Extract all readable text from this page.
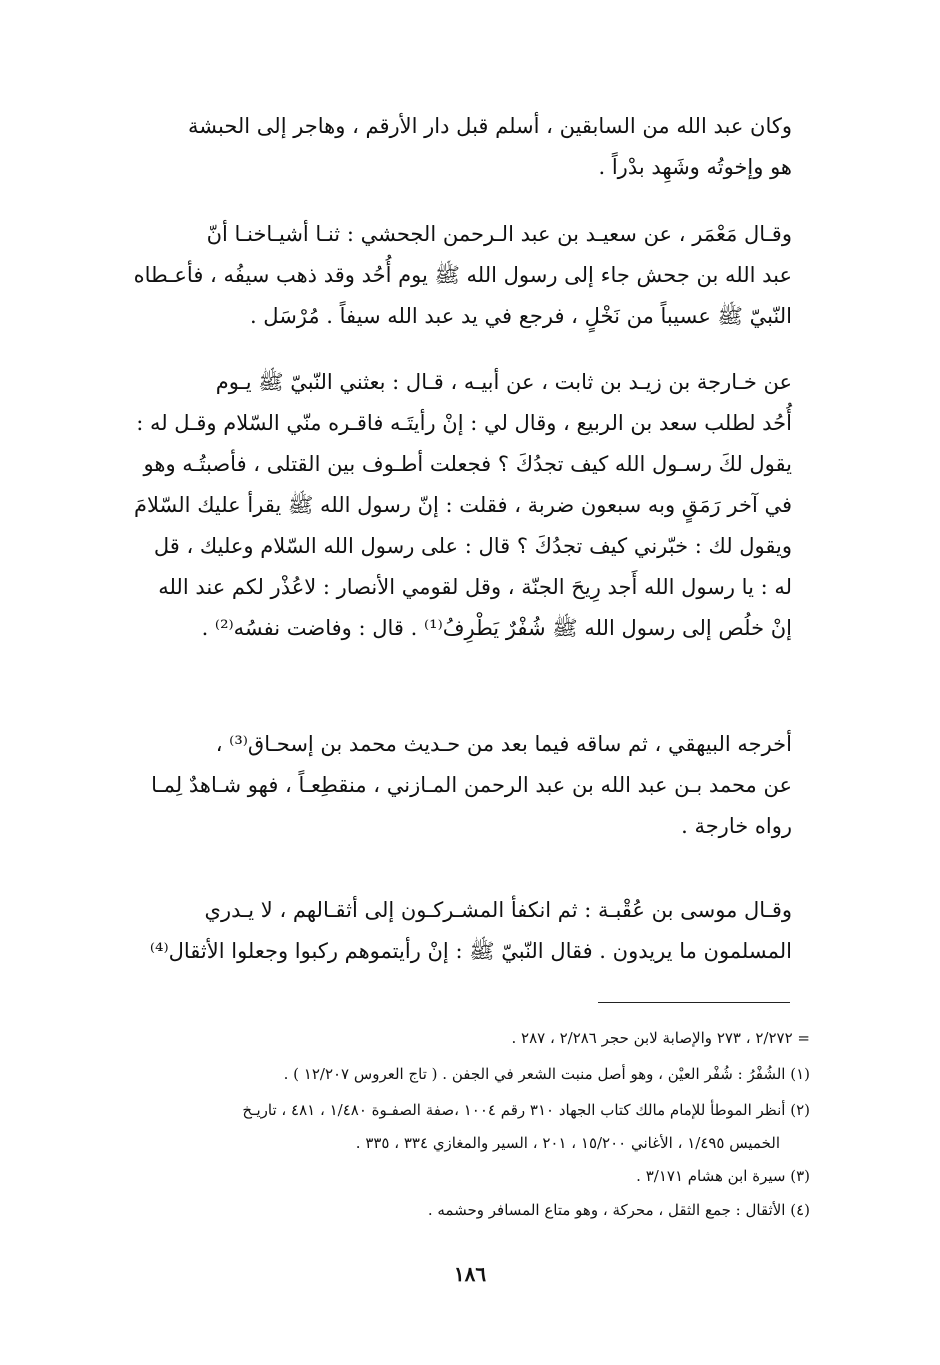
وكان عبد الله من السابقين ، أسلم قبل دار الأرقم ، وهاجر إلى الحبشة
هو وإخوتُه وشَهِد بدْراً .

وقـال مَعْمَر ، عن سعيـد بن عبد الـرحمن الجحشي : ثنـا أشيـاخنـا أنّ
عبد الله بن جحش جاء إلى رسول الله ﷺ يوم أُحُد وقد ذهب سيفُه ، فأعـطاه
النّبيّ ﷺ عسيباً من نَخْلٍ ، فرجع في يد عبد الله سيفاً . مُرْسَل .

عن خـارجة بن زيـد بن ثابت ، عن أبيـه ، قـال : بعثني النّبيّ ﷺ يـوم
أُحُد لطلب سعد بن الربيع ، وقال لي : إنْ رأيتَـه فاقـره منّي السّلام وقـل له :
يقول لكَ رسـول الله كيف تجدُكَ ؟ فجعلت أطـوف بين القتلى ، فأصبتُـه وهو
في آخر رَمَقٍ وبه سبعون ضربة ، فقلت : إنّ رسول الله ﷺ يقرأ عليك السّلامَ
ويقول لك : خبّرني كيف تجدُكَ ؟ قال : على رسول الله السّلام وعليك ، قل
له : يا رسول الله أَجد رِيحَ الجنّة ، وقل لقومي الأنصار : لاعُذْر لكم عند الله
إنْ خلُص إلى رسول الله ﷺ شُفْرٌ يَطْرِفُ⁽¹⁾ . قال : وفاضت نفسُه⁽²⁾ .

أخرجه البيهقي ، ثم ساقه فيما بعد من حـديث محمد بن إسحـاق⁽³⁾ ،
عن محمد بـن عبد الله بن عبد الرحمن المـازني ، منقطِعـاً ، فهو شـاهدٌ لِمـا
رواه خارجة .

وقـال موسى بن عُقْبـة : ثم انكفأ المشـركـون إلى أثقـالهم ، لا يـدري
المسلمون ما يريدون . فقال النّبيّ ﷺ : إنْ رأيتموهم ركبوا وجعلوا الأثقال⁽⁴⁾

= ٢/٢٧٢ ، ٢٧٣ والإصابة لابن حجر ٢/٢٨٦ ، ٢٨٧ .
(١) الشُفْرُ : شُفْر العيْن ، وهو أصل منبت الشعر في الجفن . ( تاج العروس ١٢/٢٠٧ ) .
(٢) أنظر الموطأ للإمام مالك كتاب الجهاد ٣١٠ رقم ١٠٠٤ ،صفة الصفـوة ١/٤٨٠ ، ٤٨١ ، تاريـخ
الخميس ١/٤٩٥ ، الأغاني ١٥/٢٠٠ ، ٢٠١ ، السير والمغازي ٣٣٤ ، ٣٣٥ .
(٣) سيرة ابن هشام ٣/١٧١ .
(٤) الأثقال : جمع الثقل ، محركة ، وهو متاع المسافر وحشمه .
١٨٦
